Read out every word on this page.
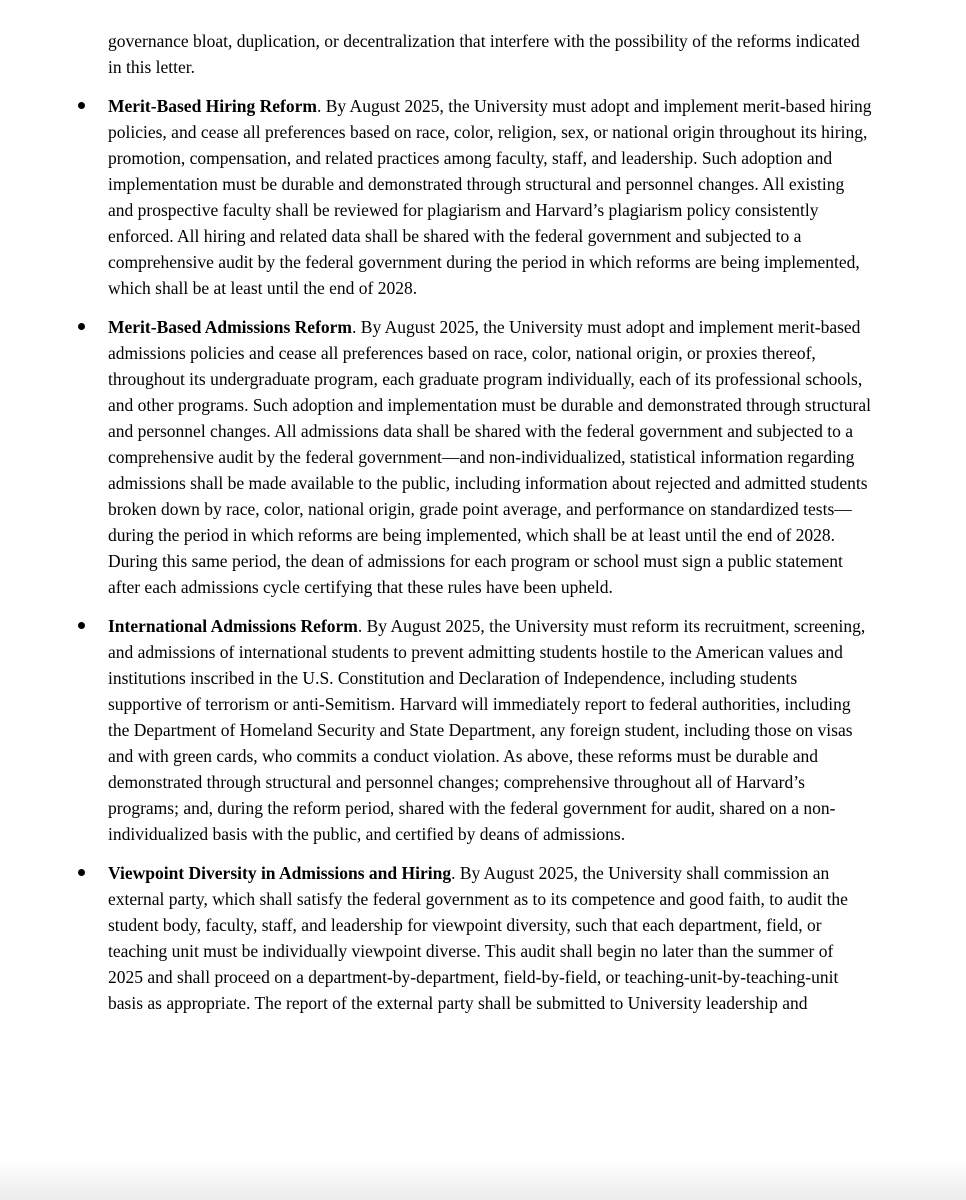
governance bloat, duplication, or decentralization that interfere with the possibility of the reforms indicated in this letter.

Merit-Based Hiring Reform. By August 2025, the University must adopt and implement merit-based hiring policies, and cease all preferences based on race, color, religion, sex, or national origin throughout its hiring, promotion, compensation, and related practices among faculty, staff, and leadership. Such adoption and implementation must be durable and demonstrated through structural and personnel changes. All existing and prospective faculty shall be reviewed for plagiarism and Harvard’s plagiarism policy consistently enforced. All hiring and related data shall be shared with the federal government and subjected to a comprehensive audit by the federal government during the period in which reforms are being implemented, which shall be at least until the end of 2028.
Merit-Based Admissions Reform. By August 2025, the University must adopt and implement merit-based admissions policies and cease all preferences based on race, color, national origin, or proxies thereof, throughout its undergraduate program, each graduate program individually, each of its professional schools, and other programs. Such adoption and implementation must be durable and demonstrated through structural and personnel changes. All admissions data shall be shared with the federal government and subjected to a comprehensive audit by the federal government—and non-individualized, statistical information regarding admissions shall be made available to the public, including information about rejected and admitted students broken down by race, color, national origin, grade point average, and performance on standardized tests—during the period in which reforms are being implemented, which shall be at least until the end of 2028. During this same period, the dean of admissions for each program or school must sign a public statement after each admissions cycle certifying that these rules have been upheld.
International Admissions Reform. By August 2025, the University must reform its recruitment, screening, and admissions of international students to prevent admitting students hostile to the American values and institutions inscribed in the U.S. Constitution and Declaration of Independence, including students supportive of terrorism or anti-Semitism. Harvard will immediately report to federal authorities, including the Department of Homeland Security and State Department, any foreign student, including those on visas and with green cards, who commits a conduct violation. As above, these reforms must be durable and demonstrated through structural and personnel changes; comprehensive throughout all of Harvard’s programs; and, during the reform period, shared with the federal government for audit, shared on a non-individualized basis with the public, and certified by deans of admissions.
Viewpoint Diversity in Admissions and Hiring. By August 2025, the University shall commission an external party, which shall satisfy the federal government as to its competence and good faith, to audit the student body, faculty, staff, and leadership for viewpoint diversity, such that each department, field, or teaching unit must be individually viewpoint diverse. This audit shall begin no later than the summer of 2025 and shall proceed on a department-by-department, field-by-field, or teaching-unit-by-teaching-unit basis as appropriate. The report of the external party shall be submitted to University leadership and
